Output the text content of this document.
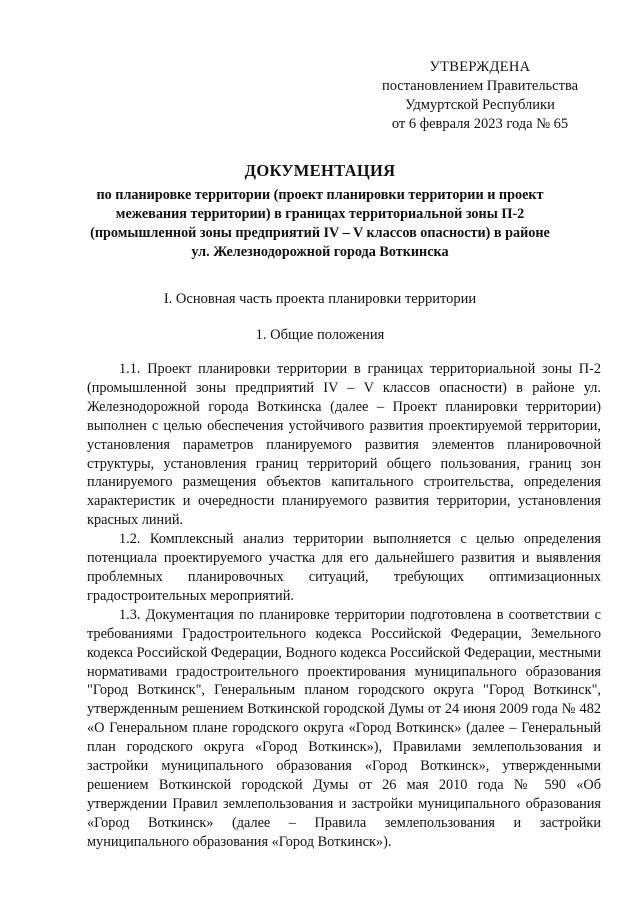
УТВЕРЖДЕНА
постановлением Правительства
Удмуртской Республики
от 6 февраля 2023 года № 65
ДОКУМЕНТАЦИЯ
по планировке территории (проект планировки территории и проект межевания территории) в границах территориальной зоны П-2 (промышленной зоны предприятий IV – V классов опасности) в районе ул. Железнодорожной города Воткинска
I. Основная часть проекта планировки территории
1. Общие положения

1.1. Проект планировки территории в границах территориальной зоны П-2 (промышленной зоны предприятий IV – V классов опасности) в районе ул. Железнодорожной города Воткинска (далее – Проект планировки территории) выполнен с целью обеспечения устойчивого развития проектируемой территории, установления параметров планируемого развития элементов планировочной структуры, установления границ территорий общего пользования, границ зон планируемого размещения объектов капитального строительства, определения характеристик и очередности планируемого развития территории, установления красных линий.

1.2. Комплексный анализ территории выполняется с целью определения потенциала проектируемого участка для его дальнейшего развития и выявления проблемных планировочных ситуаций, требующих оптимизационных градостроительных мероприятий.

1.3. Документация по планировке территории подготовлена в соответствии с требованиями Градостроительного кодекса Российской Федерации, Земельного кодекса Российской Федерации, Водного кодекса Российской Федерации, местными нормативами градостроительного проектирования муниципального образования "Город Воткинск", Генеральным планом городского округа "Город Воткинск", утвержденным решением Воткинской городской Думы от 24 июня 2009 года № 482 «О Генеральном плане городского округа «Город Воткинск» (далее – Генеральный план городского округа «Город Воткинск»), Правилами землепользования и застройки муниципального образования «Город Воткинск», утвержденными решением Воткинской городской Думы от 26 мая 2010 года № 590 «Об утверждении Правил землепользования и застройки муниципального образования «Город Воткинск» (далее – Правила землепользования и застройки муниципального образования «Город Воткинск»).
